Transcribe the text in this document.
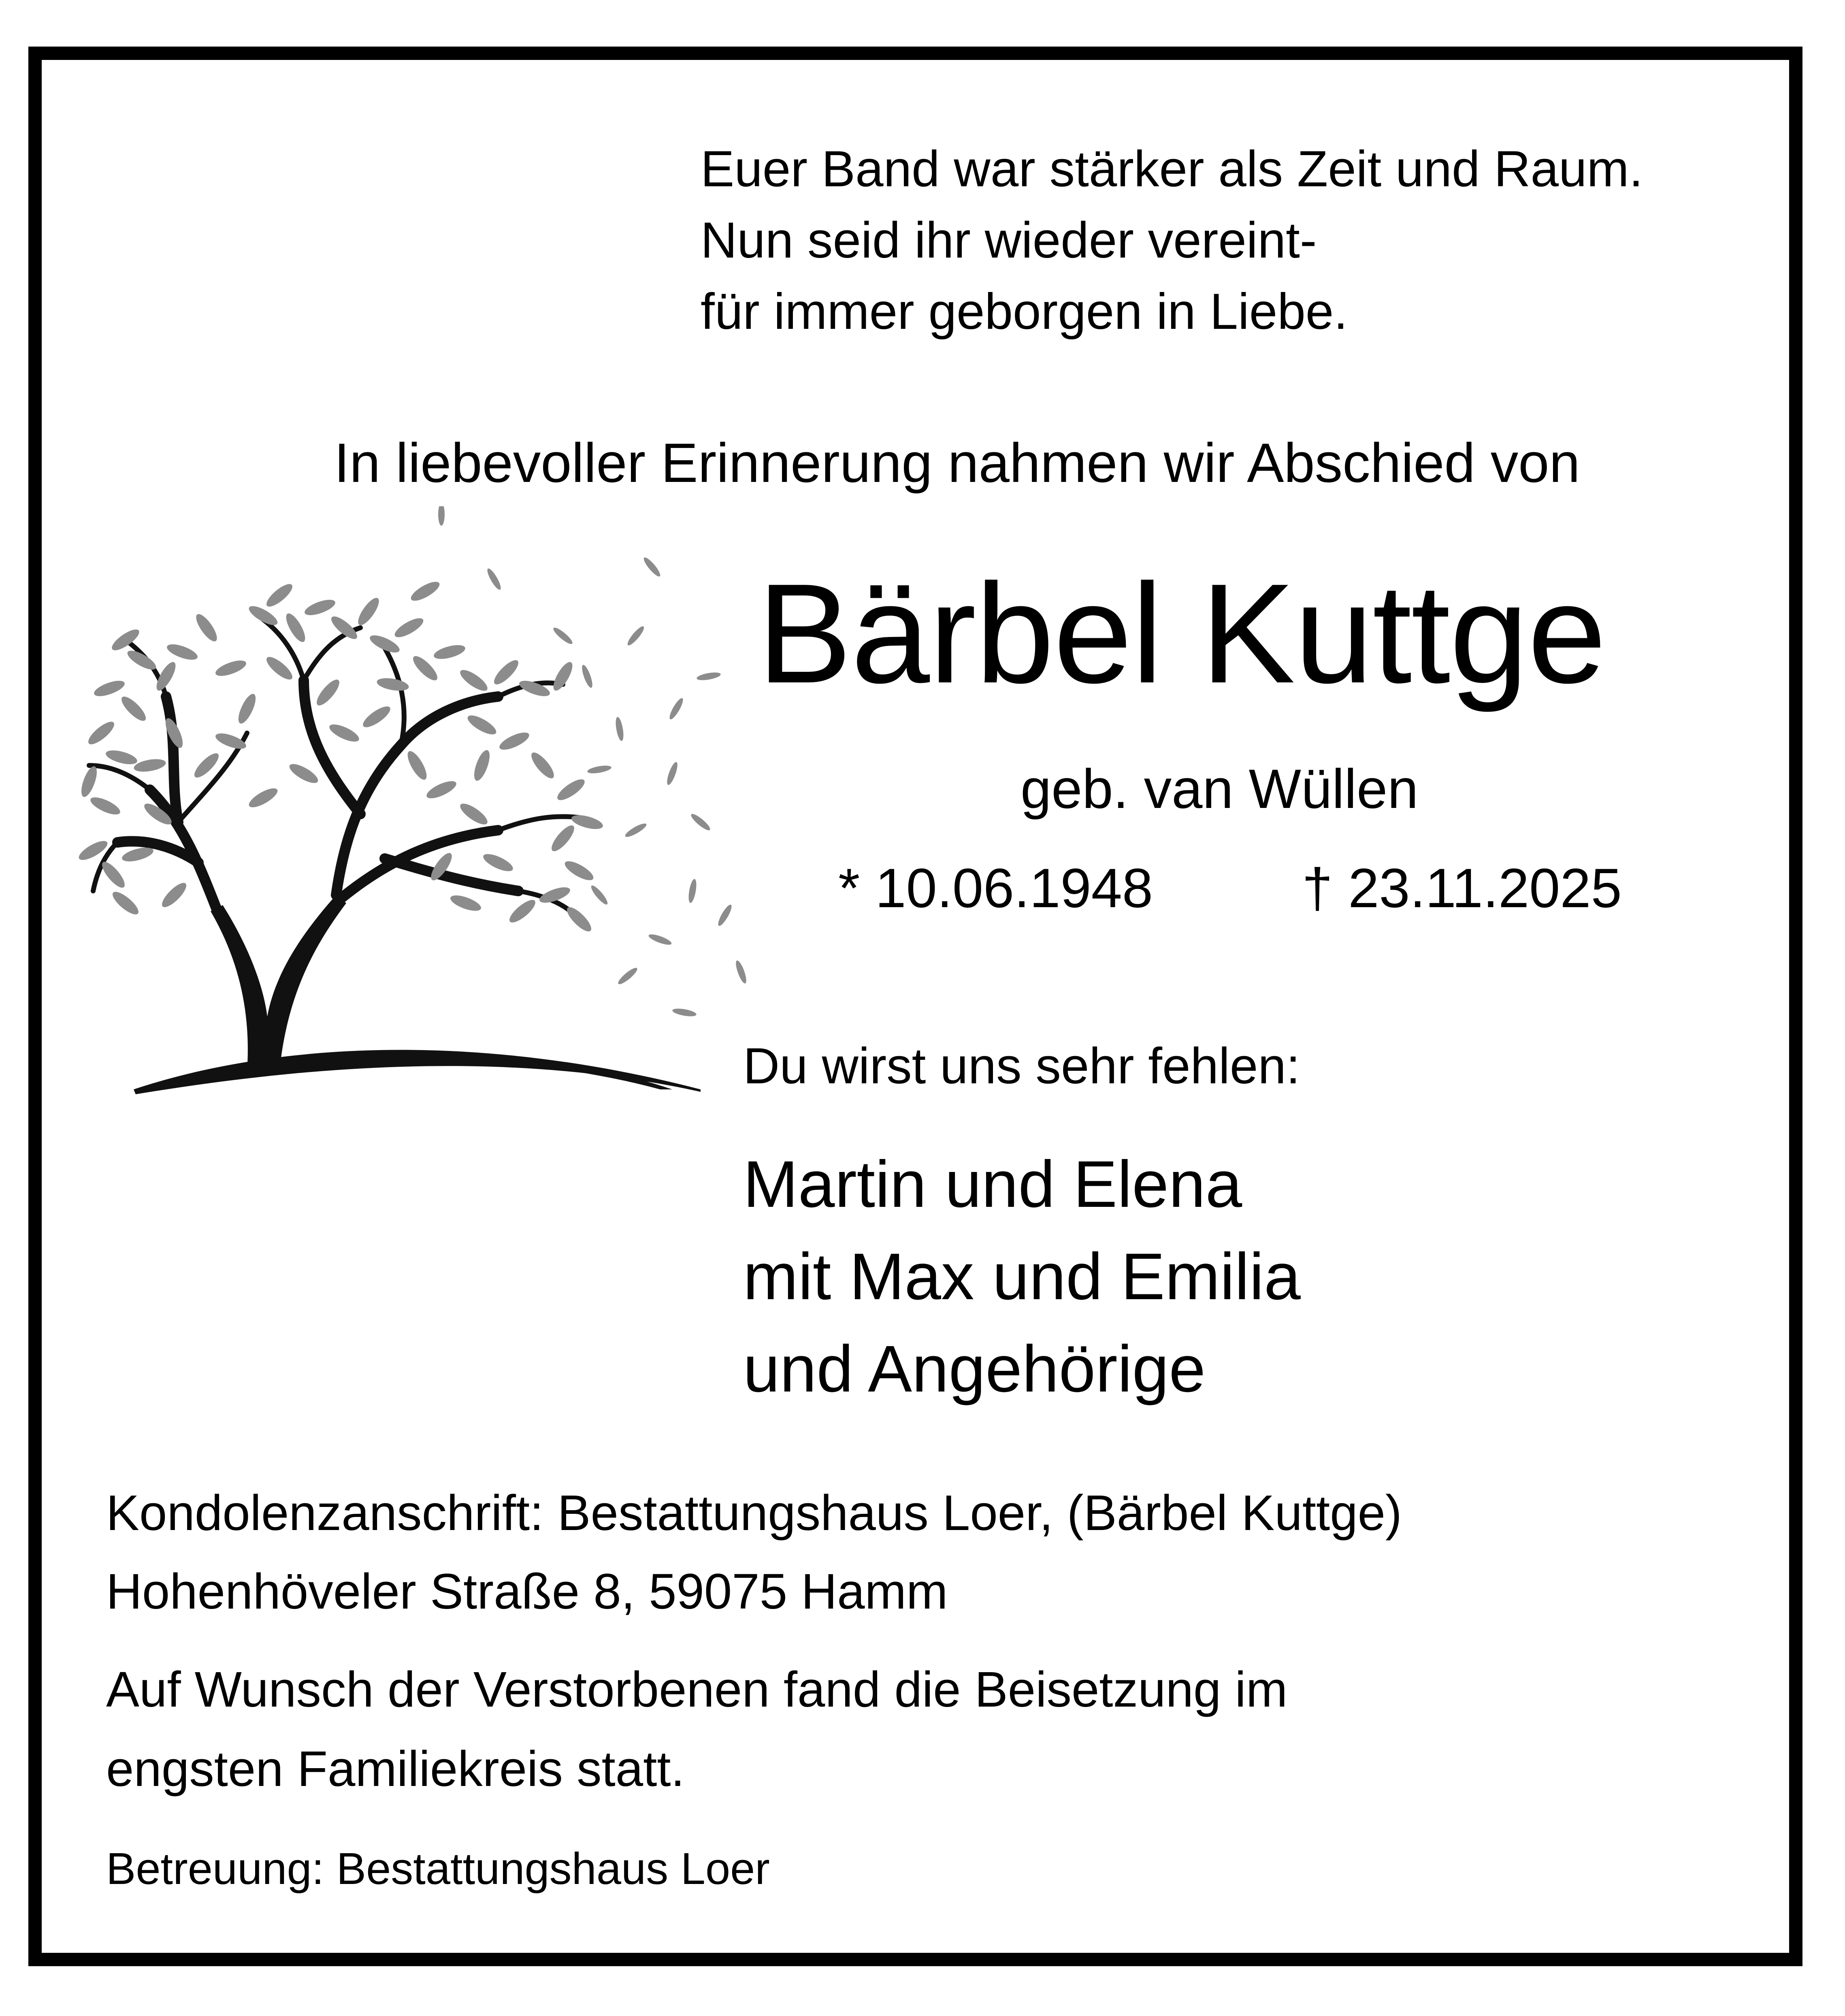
Euer Band war stärker als Zeit und Raum.
Nun seid ihr wieder vereint-
für immer geborgen in Liebe.
In liebevoller Erinnerung nahmen wir Abschied von
Bärbel Kuttge
geb. van Wüllen
* 10.06.1948	† 23.11.2025
Du wirst uns sehr fehlen:
Martin und Elena
mit Max und Emilia
und Angehörige
Kondolenzanschrift: Bestattungshaus Loer, (Bärbel Kuttge)
Hohenhöveler Straße 8, 59075 Hamm
Auf Wunsch der Verstorbenen fand die Beisetzung im
engsten Familiekreis statt.
Betreuung: Bestattungshaus Loer
